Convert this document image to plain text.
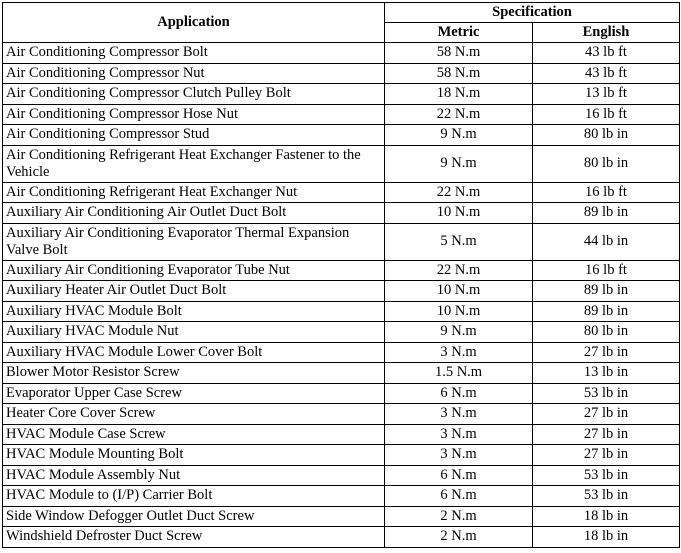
Application	Specification	
	Metric	English
Air Conditioning Compressor Bolt	58 N.m	43 lb ft
Air Conditioning Compressor Nut	58 N.m	43 lb ft
Air Conditioning Compressor Clutch Pulley Bolt	18 N.m	13 lb ft
Air Conditioning Compressor Hose Nut	22 N.m	16 lb ft
Air Conditioning Compressor Stud	9 N.m	80 lb in
Air Conditioning Refrigerant Heat Exchanger Fastener to the Vehicle	9 N.m	80 lb in
Air Conditioning Refrigerant Heat Exchanger Nut	22 N.m	16 lb ft
Auxiliary Air Conditioning Air Outlet Duct Bolt	10 N.m	89 lb in
Auxiliary Air Conditioning Evaporator Thermal Expansion Valve Bolt	5 N.m	44 lb in
Auxiliary Air Conditioning Evaporator Tube Nut	22 N.m	16 lb ft
Auxiliary Heater Air Outlet Duct Bolt	10 N.m	89 lb in
Auxiliary HVAC Module Bolt	10 N.m	89 lb in
Auxiliary HVAC Module Nut	9 N.m	80 lb in
Auxiliary HVAC Module Lower Cover Bolt	3 N.m	27 lb in
Blower Motor Resistor Screw	1.5 N.m	13 lb in
Evaporator Upper Case Screw	6 N.m	53 lb in
Heater Core Cover Screw	3 N.m	27 lb in
HVAC Module Case Screw	3 N.m	27 lb in
HVAC Module Mounting Bolt	3 N.m	27 lb in
HVAC Module Assembly Nut	6 N.m	53 lb in
HVAC Module to (I/P) Carrier Bolt	6 N.m	53 lb in
Side Window Defogger Outlet Duct Screw	2 N.m	18 lb in
Windshield Defroster Duct Screw	2 N.m	18 lb in
